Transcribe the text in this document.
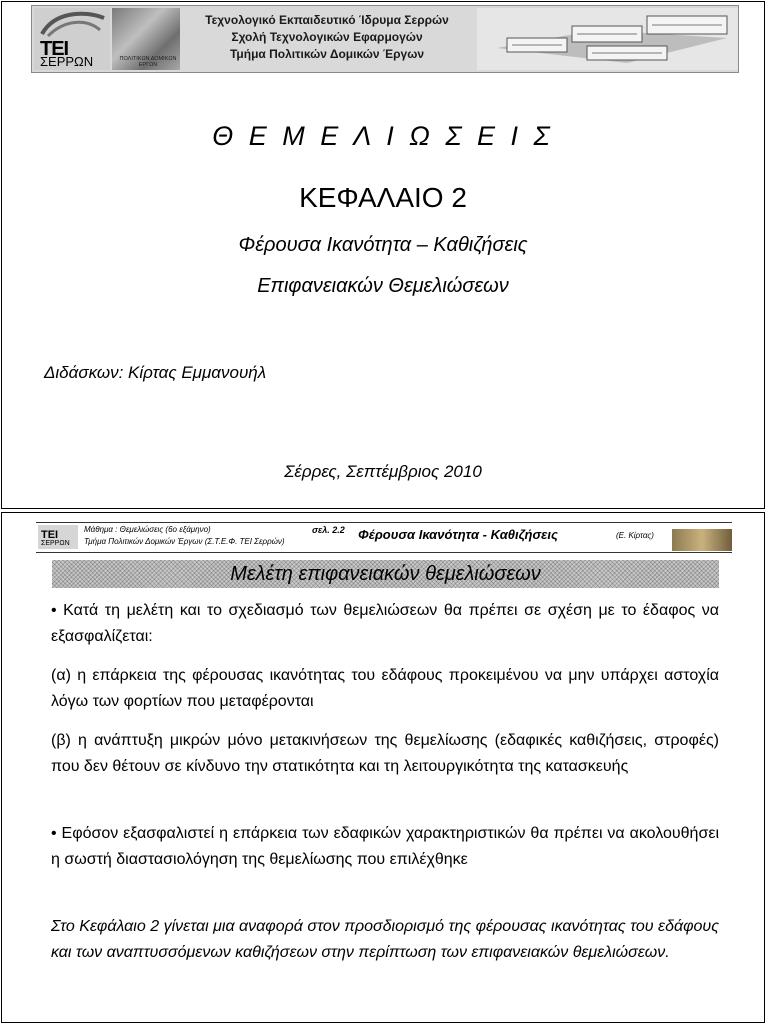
ΤΕΙ
ΣΕΡΡΩΝ	ΠΟΛΙΤΙΚΩΝ ΔΟΜΙΚΩΝ ΕΡΓΩΝ
Τεχνολογικό Εκπαιδευτικό Ίδρυμα Σερρών
Σχολή Τεχνολογικών Εφαρμογών
Τμήμα Πολιτικών Δομικών Έργων
Θ Ε Μ Ε Λ Ι Ω Σ Ε Ι Σ
ΚΕΦΑΛΑΙΟ 2
Φέρουσα Ικανότητα – Καθιζήσεις
Επιφανειακών Θεμελιώσεων
Διδάσκων: Κίρτας Εμμανουήλ
Σέρρες, Σεπτέμβριος 2010
ΤΕΙ
ΣΕΡΡΩΝ
Μάθημα : Θεμελιώσεις (6ο εξάμηνο)
Τμήμα Πολιτικών Δομικών Έργων (Σ.Τ.Ε.Φ. ΤΕΙ Σερρών)
σελ. 2.2 Φέρουσα Ικανότητα - Καθιζήσεις	(Ε. Κίρτας)
Μελέτη επιφανειακών θεμελιώσεων
• Κατά τη μελέτη και το σχεδιασμό των θεμελιώσεων θα πρέπει σε σχέση με το έδαφος να εξασφαλίζεται:
(α) η επάρκεια της φέρουσας ικανότητας του εδάφους προκειμένου να μην υπάρχει αστοχία λόγω των φορτίων που μεταφέρονται
(β) η ανάπτυξη μικρών μόνο μετακινήσεων της θεμελίωσης (εδαφικές καθιζήσεις, στροφές) που δεν θέτουν σε κίνδυνο την στατικότητα και τη λειτουργικότητα της κατασκευής
• Εφόσον εξασφαλιστεί η επάρκεια των εδαφικών χαρακτηριστικών θα πρέπει να ακολουθήσει η σωστή διαστασιολόγηση της θεμελίωσης που επιλέχθηκε
Στο Κεφάλαιο 2 γίνεται μια αναφορά στον προσδιορισμό της φέρουσας ικανότητας του εδάφους και των αναπτυσσόμενων καθιζήσεων στην περίπτωση των επιφανειακών θεμελιώσεων.
